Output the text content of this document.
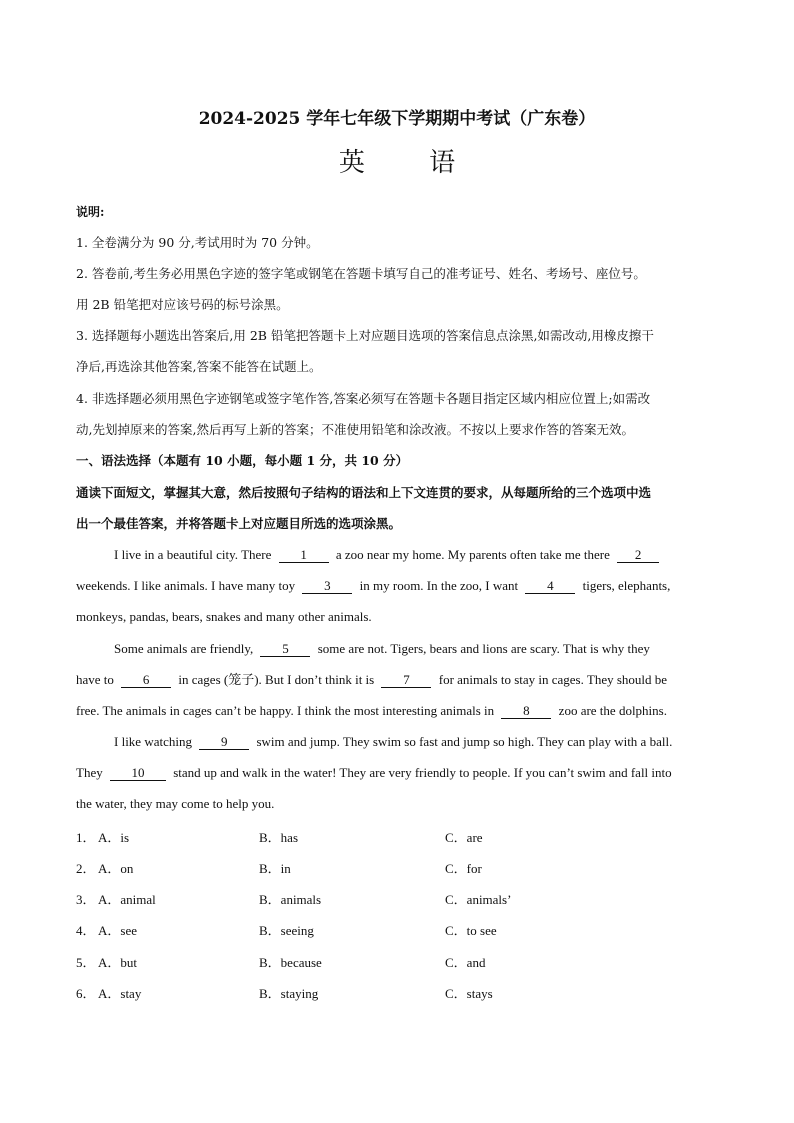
2024-2025 学年七年级下学期期中考试（广东卷）
英 语
说明:
1. 全卷满分为 90 分,考试用时为 70 分钟。
2. 答卷前,考生务必用黑色字迹的签字笔或钢笔在答题卡填写自己的准考证号、姓名、考场号、座位号。
用 2B 铅笔把对应该号码的标号涂黑。
3. 选择题每小题选出答案后,用 2B 铅笔把答题卡上对应题目选项的答案信息点涂黑,如需改动,用橡皮擦干
净后,再选涂其他答案,答案不能答在试题上。
4. 非选择题必须用黑色字迹钢笔或签字笔作答,答案必须写在答题卡各题目指定区域内相应位置上;如需改
动,先划掉原来的答案,然后再写上新的答案；不准使用铅笔和涂改液。不按以上要求作答的答案无效。
一、语法选择（本题有 10 小题，每小题 1 分，共 10 分）
通读下面短文，掌握其大意，然后按照句子结构的语法和上下文连贯的要求，从每题所给的三个选项中选
出一个最佳答案，并将答题卡上对应题目所选的选项涂黑。
I live in a beautiful city. There 1 a zoo near my home. My parents often take me there 2
weekends. I like animals. I have many toy 3 in my room. In the zoo, I want 4 tigers, elephants,
monkeys, pandas, bears, snakes and many other animals.
Some animals are friendly, 5 some are not. Tigers, bears and lions are scary. That is why they
have to 6 in cages (笼子). But I don’t think it is 7 for animals to stay in cages. They should be
free. The animals in cages can’t be happy. I think the most interesting animals in 8 zoo are the dolphins.
I like watching 9 swim and jump. They swim so fast and jump so high. They can play with a ball.
They 10 stand up and walk in the water! They are very friendly to people. If you can’t swim and fall into
the water, they may come to help you.
1． A．is	B．has	C．are
2． A．on	B．in	C．for
3． A．animal	B．animals	C．animals’
4． A．see	B．seeing	C．to see
5． A．but	B．because	C．and
6． A．stay	B．staying	C．stays
